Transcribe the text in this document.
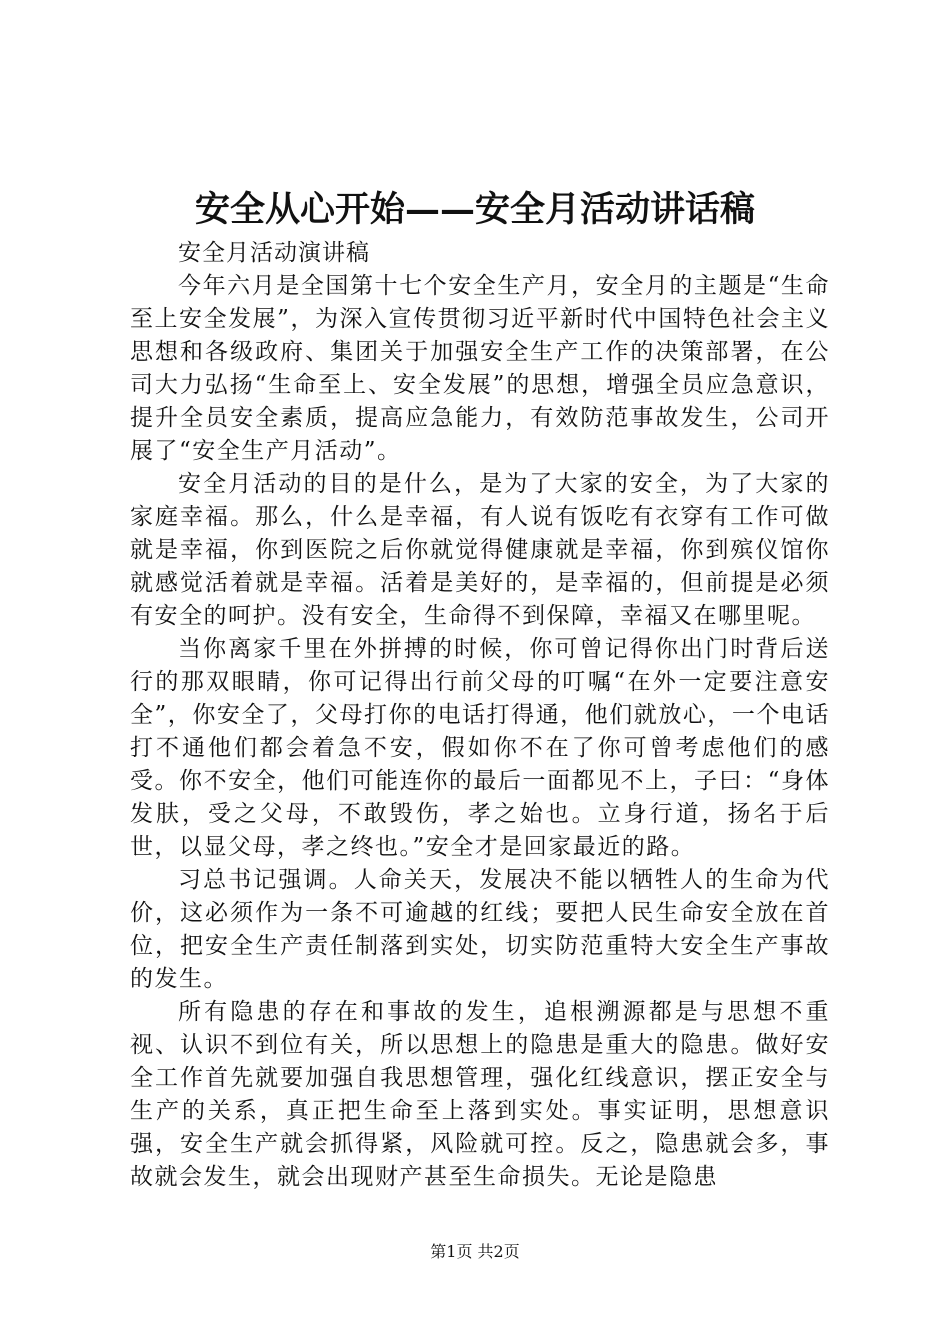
安全从心开始——安全月活动讲话稿
安全月活动演讲稿

今年六月是全国第十七个安全生产月，安全月的主题是“生命至上安全发展”，为深入宣传贯彻习近平新时代中国特色社会主义思想和各级政府、集团关于加强安全生产工作的决策部署，在公司大力弘扬“生命至上、安全发展”的思想，增强全员应急意识，提升全员安全素质，提高应急能力，有效防范事故发生，公司开展了“安全生产月活动”。

安全月活动的目的是什么，是为了大家的安全，为了大家的家庭幸福。那么，什么是幸福，有人说有饭吃有衣穿有工作可做就是幸福，你到医院之后你就觉得健康就是幸福，你到殡仪馆你就感觉活着就是幸福。活着是美好的，是幸福的，但前提是必须有安全的呵护。没有安全，生命得不到保障，幸福又在哪里呢。

当你离家千里在外拼搏的时候，你可曾记得你出门时背后送行的那双眼睛，你可记得出行前父母的叮嘱“在外一定要注意安全”，你安全了，父母打你的电话打得通，他们就放心，一个电话打不通他们都会着急不安，假如你不在了你可曾考虑他们的感受。你不安全，他们可能连你的最后一面都见不上，子曰：“身体发肤，受之父母，不敢毁伤，孝之始也。立身行道，扬名于后世，以显父母，孝之终也。”安全才是回家最近的路。

习总书记强调。人命关天，发展决不能以牺牲人的生命为代价，这必须作为一条不可逾越的红线；要把人民生命安全放在首位，把安全生产责任制落到实处，切实防范重特大安全生产事故的发生。

所有隐患的存在和事故的发生，追根溯源都是与思想不重视、认识不到位有关，所以思想上的隐患是重大的隐患。做好安全工作首先就要加强自我思想管理，强化红线意识，摆正安全与生产的关系，真正把生命至上落到实处。事实证明，思想意识强，安全生产就会抓得紧，风险就可控。反之，隐患就会多，事故就会发生，就会出现财产甚至生命损失。无论是隐患

第1页 共2页
